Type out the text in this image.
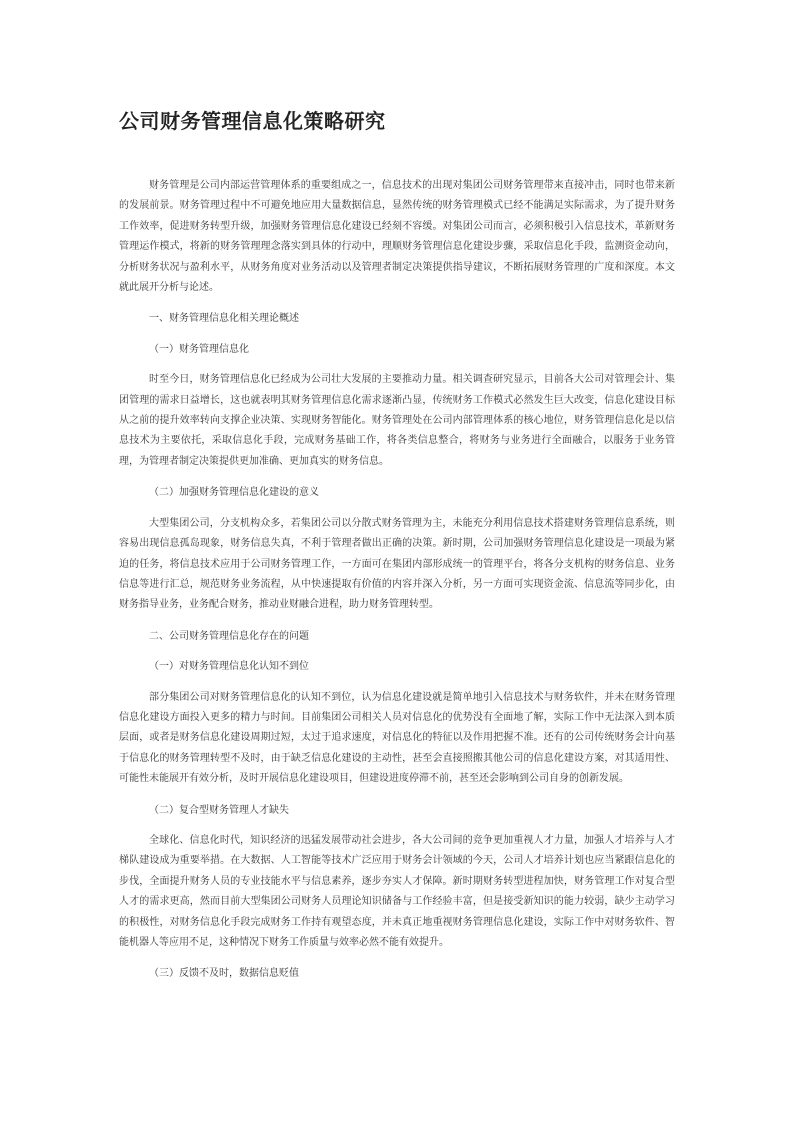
公司财务管理信息化策略研究

财务管理是公司内部运营管理体系的重要组成之一，信息技术的出现对集团公司财务管理带来直接冲击，同时也带来新的发展前景。财务管理过程中不可避免地应用大量数据信息，显然传统的财务管理模式已经不能满足实际需求，为了提升财务工作效率，促进财务转型升级，加强财务管理信息化建设已经刻不容缓。对集团公司而言，必须积极引入信息技术，革新财务管理运作模式，将新的财务管理理念落实到具体的行动中，理顺财务管理信息化建设步骤，采取信息化手段，监测资金动向，分析财务状况与盈利水平，从财务角度对业务活动以及管理者制定决策提供指导建议，不断拓展财务管理的广度和深度。本文就此展开分析与论述。

一、财务管理信息化相关理论概述

（一）财务管理信息化

时至今日，财务管理信息化已经成为公司壮大发展的主要推动力量。相关调查研究显示，目前各大公司对管理会计、集团管理的需求日益增长，这也就表明其财务管理信息化需求逐渐凸显，传统财务工作模式必然发生巨大改变，信息化建设目标从之前的提升效率转向支撑企业决策、实现财务智能化。财务管理处在公司内部管理体系的核心地位，财务管理信息化是以信息技术为主要依托，采取信息化手段，完成财务基础工作，将各类信息整合，将财务与业务进行全面融合，以服务于业务管理，为管理者制定决策提供更加准确、更加真实的财务信息。

（二）加强财务管理信息化建设的意义

大型集团公司，分支机构众多，若集团公司以分散式财务管理为主，未能充分利用信息技术搭建财务管理信息系统，则容易出现信息孤岛现象，财务信息失真，不利于管理者做出正确的决策。新时期，公司加强财务管理信息化建设是一项最为紧迫的任务，将信息技术应用于公司财务管理工作，一方面可在集团内部形成统一的管理平台，将各分支机构的财务信息、业务信息等进行汇总，规范财务业务流程，从中快速提取有价值的内容并深入分析，另一方面可实现资金流、信息流等同步化，由财务指导业务，业务配合财务，推动业财融合进程，助力财务管理转型。

二、公司财务管理信息化存在的问题

（一）对财务管理信息化认知不到位

部分集团公司对财务管理信息化的认知不到位，认为信息化建设就是简单地引入信息技术与财务软件，并未在财务管理信息化建设方面投入更多的精力与时间。目前集团公司相关人员对信息化的优势没有全面地了解，实际工作中无法深入到本质层面，或者是财务信息化建设周期过短，太过于追求速度，对信息化的特征以及作用把握不准。还有的公司传统财务会计向基于信息化的财务管理转型不及时，由于缺乏信息化建设的主动性，甚至会直接照搬其他公司的信息化建设方案，对其适用性、可能性未能展开有效分析，及时开展信息化建设项目，但建设进度停滞不前，甚至还会影响到公司自身的创新发展。

（二）复合型财务管理人才缺失

全球化、信息化时代，知识经济的迅猛发展带动社会进步，各大公司间的竞争更加重视人才力量，加强人才培养与人才梯队建设成为重要举措。在大数据、人工智能等技术广泛应用于财务会计领域的今天，公司人才培养计划也应当紧跟信息化的步伐，全面提升财务人员的专业技能水平与信息素养，逐步夯实人才保障。新时期财务转型进程加快，财务管理工作对复合型人才的需求更高，然而目前大型集团公司财务人员理论知识储备与工作经验丰富，但是接受新知识的能力较弱，缺少主动学习的积极性，对财务信息化手段完成财务工作持有观望态度，并未真正地重视财务管理信息化建设，实际工作中对财务软件、智能机器人等应用不足，这种情况下财务工作质量与效率必然不能有效提升。

（三）反馈不及时，数据信息贬值
